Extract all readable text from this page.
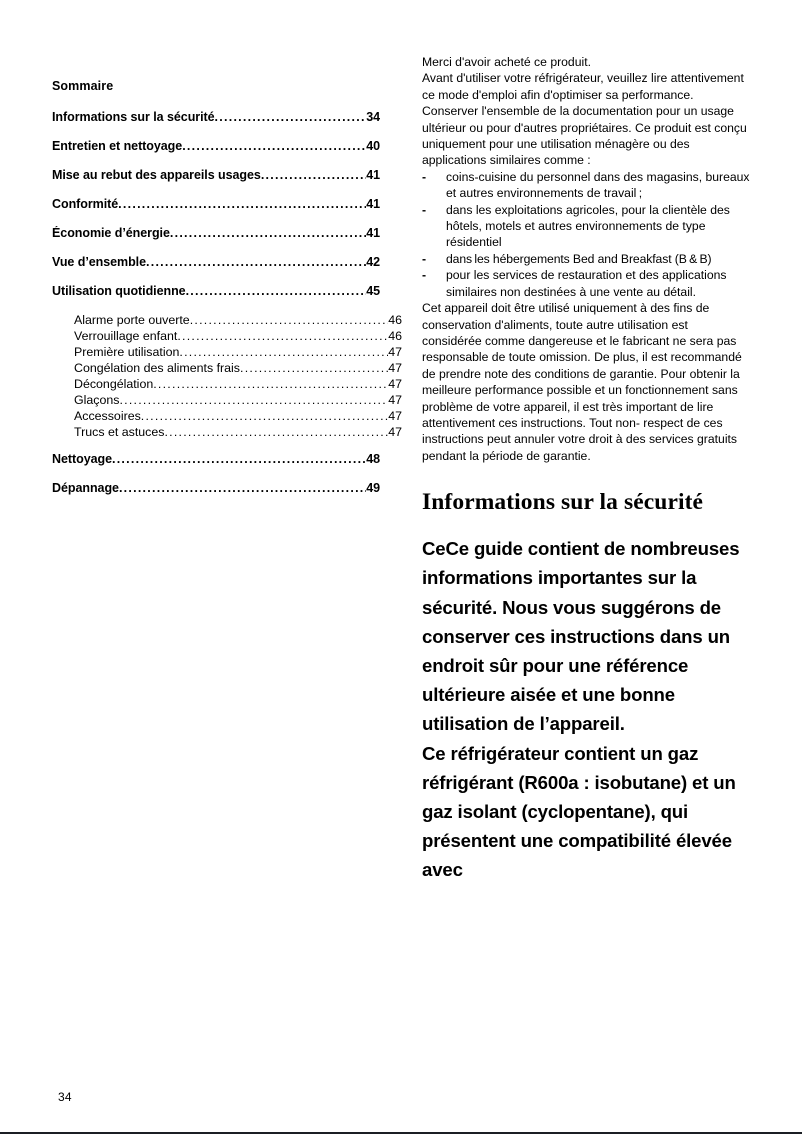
Sommaire
Informations sur la sécurité .....	34
Entretien et nettoyage .....	40
Mise au rebut des appareils usages .....	41
Conformité .....	41
Économie d’énergie .....	41
Vue d’ensemble .....	42
Utilisation quotidienne .....	45
Alarme porte ouverte .....	46
Verrouillage enfant .....	46
Première utilisation .....	47
Congélation des aliments frais .....	47
Décongélation .....	47
Glaçons .....	47
Accessoires .....	47
Trucs et astuces .....	47
Nettoyage .....	48
Dépannage .....	49
34
Merci d'avoir acheté ce produit.
Avant d'utiliser votre réfrigérateur, veuillez lire attentivement ce mode d'emploi afin d'optimiser sa performance. Conserver l'ensemble de la documentation pour un usage ultérieur ou pour d'autres propriétaires. Ce produit est conçu uniquement pour une utilisation ménagère ou des applications similaires comme :
- coins-cuisine du personnel dans des magasins, bureaux et autres environnements de travail ;
- dans les exploitations agricoles, pour la clientèle des hôtels, motels et autres environnements de type résidentiel
- dans les hébergements Bed and Breakfast (B & B)
- pour les services de restauration et des applications similaires non destinées à une vente au détail.
Cet appareil doit être utilisé uniquement à des fins de conservation d'aliments, toute autre utilisation est considérée comme dangereuse et le fabricant ne sera pas responsable de toute omission. De plus, il est recommandé de prendre note des conditions de garantie. Pour obtenir la meilleure performance possible et un fonctionnement sans problème de votre appareil, il est très important de lire attentivement ces instructions. Tout non- respect de ces instructions peut annuler votre droit à des services gratuits pendant la période de garantie.
Informations sur la sécurité
CeCe guide contient de nombreuses informations importantes sur la sécurité. Nous vous suggérons de conserver ces instructions dans un endroit sûr pour une référence ultérieure aisée et une bonne utilisation de l’appareil.
Ce réfrigérateur contient un gaz réfrigérant (R600a : isobutane) et un gaz isolant (cyclopentane), qui présentent une compatibilité élevée avec
